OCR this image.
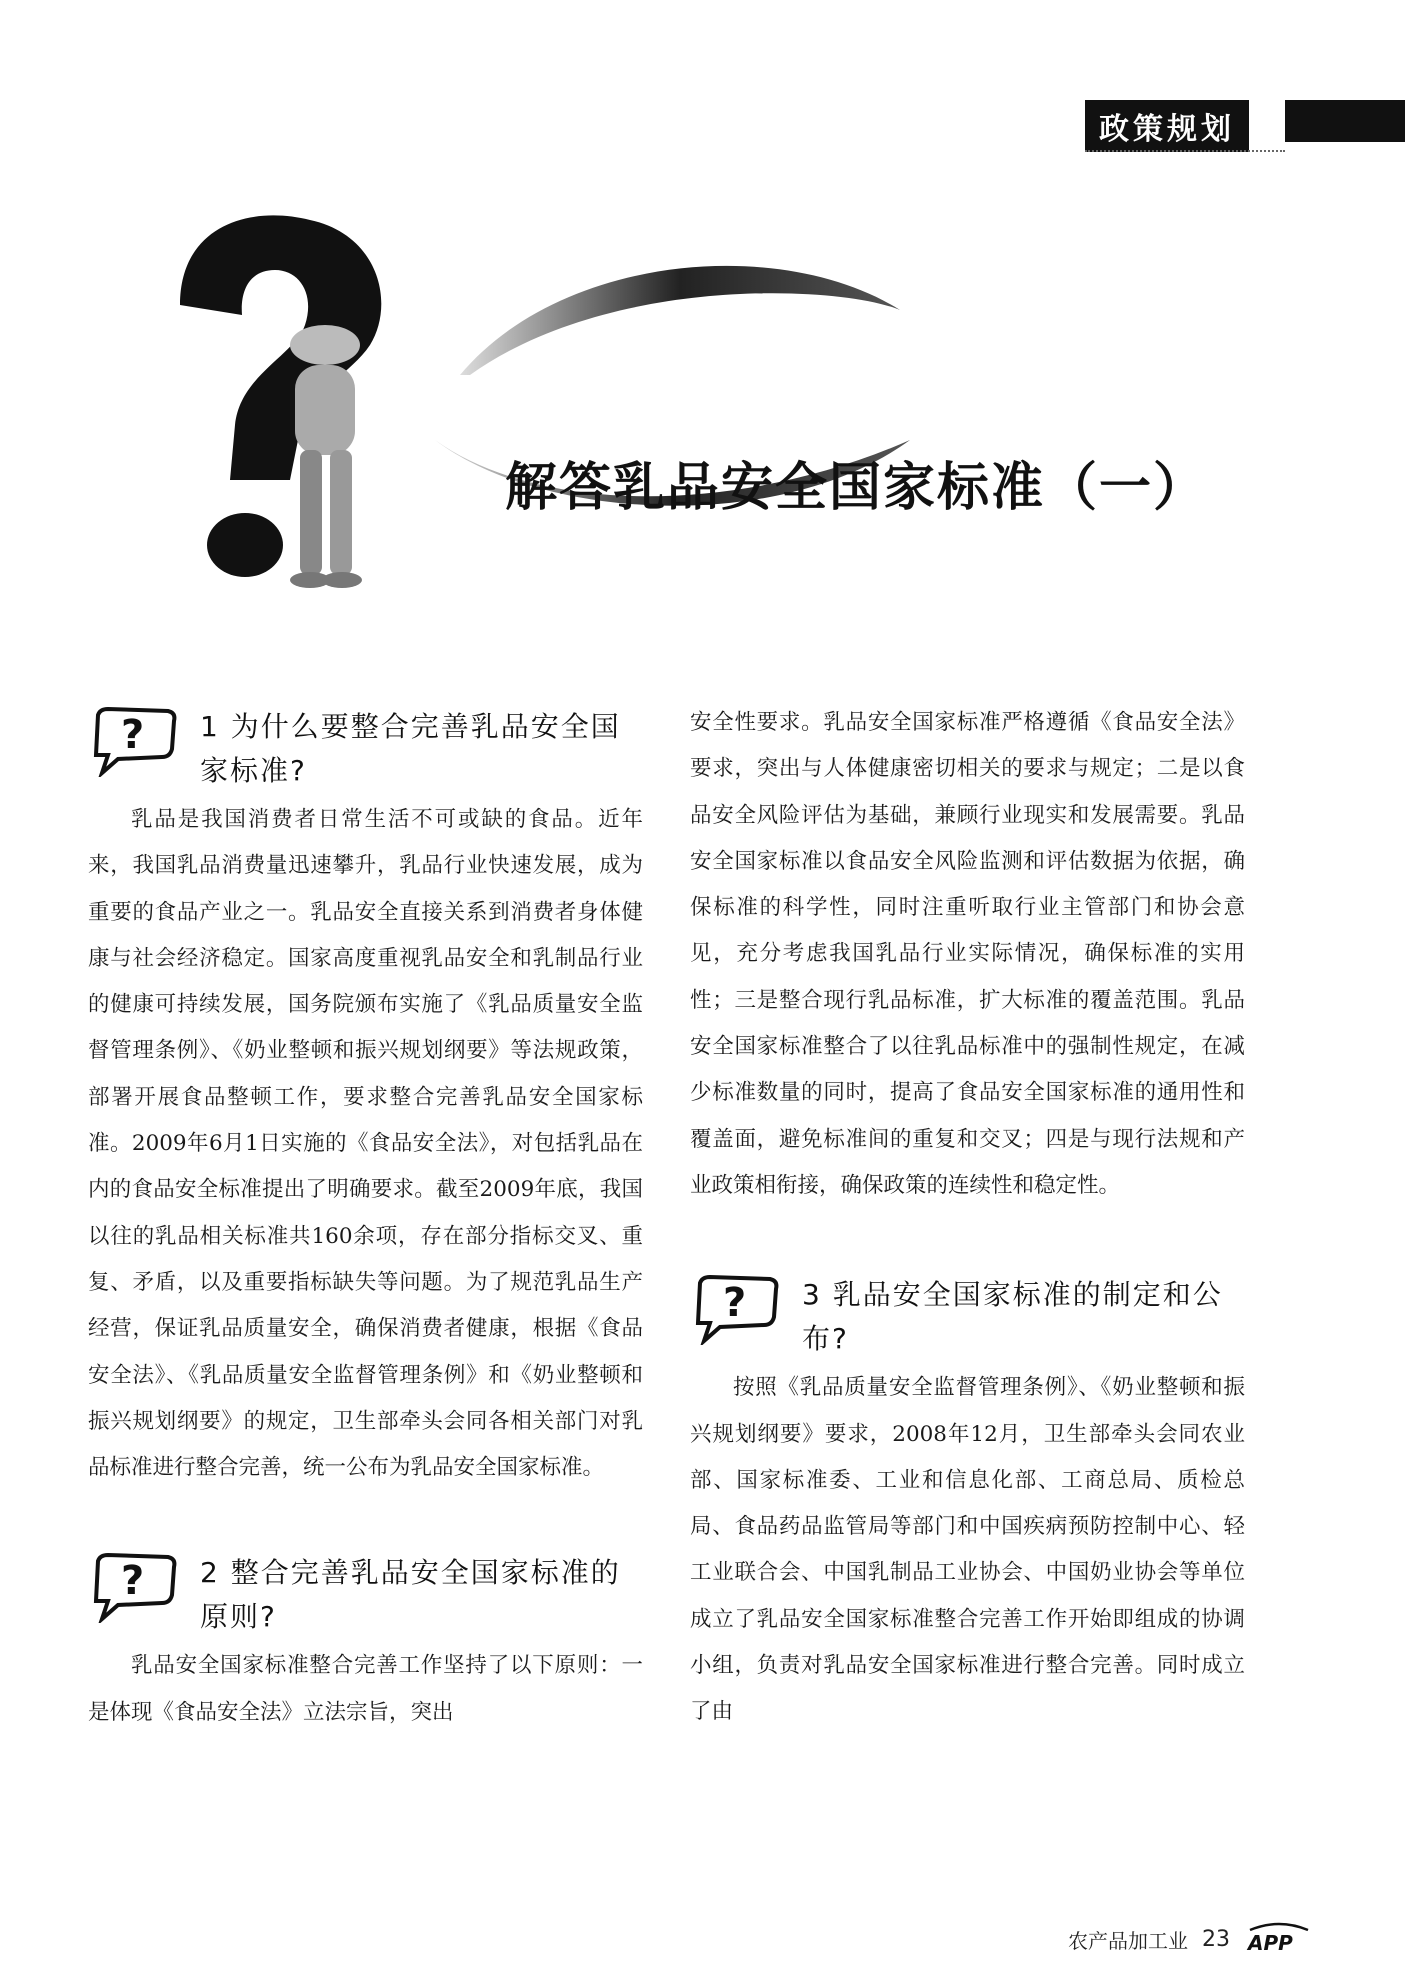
政策规划
解答乳品安全国家标准（一）
? 1 为什么要整合完善乳品安全国家标准?

乳品是我国消费者日常生活不可或缺的食品。近年来，我国乳品消费量迅速攀升，乳品行业快速发展，成为重要的食品产业之一。乳品安全直接关系到消费者身体健康与社会经济稳定。国家高度重视乳品安全和乳制品行业的健康可持续发展，国务院颁布实施了《乳品质量安全监督管理条例》、《奶业整顿和振兴规划纲要》等法规政策，部署开展食品整顿工作，要求整合完善乳品安全国家标准。2009年6月1日实施的《食品安全法》，对包括乳品在内的食品安全标准提出了明确要求。截至2009年底，我国以往的乳品相关标准共160余项，存在部分指标交叉、重复、矛盾，以及重要指标缺失等问题。为了规范乳品生产经营，保证乳品质量安全，确保消费者健康，根据《食品安全法》、《乳品质量安全监督管理条例》和《奶业整顿和振兴规划纲要》的规定，卫生部牵头会同各相关部门对乳品标准进行整合完善，统一公布为乳品安全国家标准。

? 2 整合完善乳品安全国家标准的原则?

乳品安全国家标准整合完善工作坚持了以下原则：一是体现《食品安全法》立法宗旨，突出

安全性要求。乳品安全国家标准严格遵循《食品安全法》要求，突出与人体健康密切相关的要求与规定；二是以食品安全风险评估为基础，兼顾行业现实和发展需要。乳品安全国家标准以食品安全风险监测和评估数据为依据，确保标准的科学性，同时注重听取行业主管部门和协会意见，充分考虑我国乳品行业实际情况，确保标准的实用性；三是整合现行乳品标准，扩大标准的覆盖范围。乳品安全国家标准整合了以往乳品标准中的强制性规定，在减少标准数量的同时，提高了食品安全国家标准的通用性和覆盖面，避免标准间的重复和交叉；四是与现行法规和产业政策相衔接，确保政策的连续性和稳定性。

? 3 乳品安全国家标准的制定和公布?

按照《乳品质量安全监督管理条例》、《奶业整顿和振兴规划纲要》要求，2008年12月，卫生部牵头会同农业部、国家标准委、工业和信息化部、工商总局、质检总局、食品药品监管局等部门和中国疾病预防控制中心、轻工业联合会、中国乳制品工业协会、中国奶业协会等单位成立了乳品安全国家标准整合完善工作开始即组成的协调小组，负责对乳品安全国家标准进行整合完善。同时成立了由

农产品加工业 23 APP
